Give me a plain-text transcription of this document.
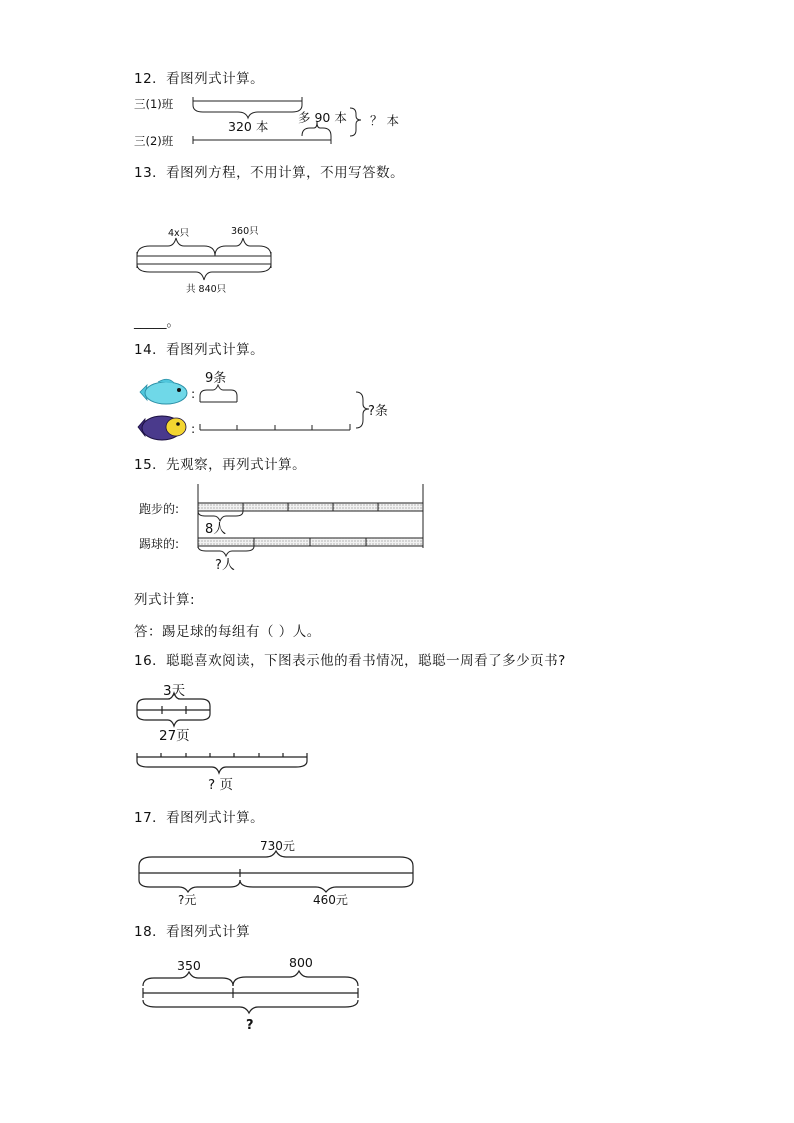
12．看图列式计算。
13．看图列方程，不用计算，不用写答数。
14．看图列式计算。
15．先观察，再列式计算。
16．聪聪喜欢阅读，下图表示他的看书情况，聪聪一周看了多少页书?
17．看图列式计算。
18．看图列式计算
三(1)班
三(2)班
320 本
多 90 本 ？ 本
4x只	360只
共 840只
_____。
:
:
9条
?条
跑步的:
踢球的:
8人
?人
列式计算:
答：踢足球的每组有（ ）人。
3天
27页
? 页
730元
?元	460元
350	800
?
